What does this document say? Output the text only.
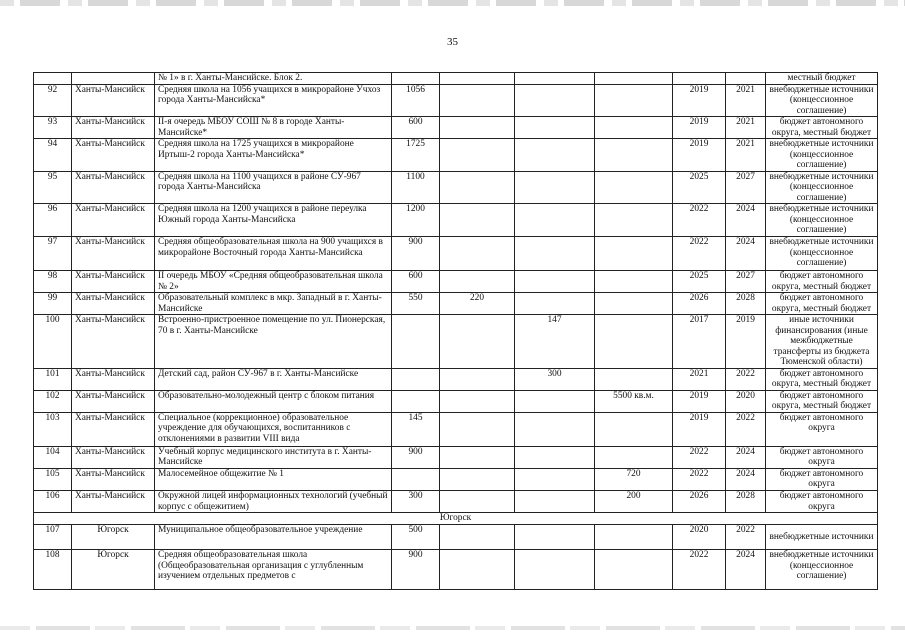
35
		№ 1» в г. Ханты-Мансийске. Блок 2.							местный бюджет
92	Ханты-Мансийск	Средняя школа на 1056 учащихся в микрорайоне Учхоз города Ханты-Мансийска*	1056				2019	2021	внебюджетные источники (концессионное соглашение)
93	Ханты-Мансийск	II-я очередь МБОУ СОШ № 8 в городе Ханты-Мансийске*	600				2019	2021	бюджет автономного округа, местный бюджет
94	Ханты-Мансийск	Средняя школа на 1725 учащихся в микрорайоне Иртыш-2 города Ханты-Мансийска*	1725				2019	2021	внебюджетные источники (концессионное соглашение)
95	Ханты-Мансийск	Средняя школа на 1100 учащихся в районе СУ-967 города Ханты-Мансийска	1100				2025	2027	внебюджетные источники (концессионное соглашение)
96	Ханты-Мансийск	Средняя школа на 1200 учащихся в районе переулка Южный города Ханты-Мансийска	1200				2022	2024	внебюджетные источники (концессионное соглашение)
97	Ханты-Мансийск	Средняя общеобразовательная школа на 900 учащихся в микрорайоне Восточный города Ханты-Мансийска	900				2022	2024	внебюджетные источники (концессионное соглашение)
98	Ханты-Мансийск	II очередь МБОУ «Средняя общеобразовательная школа № 2»	600				2025	2027	бюджет автономного округа, местный бюджет
99	Ханты-Мансийск	Образовательный комплекс в мкр. Западный в г. Ханты-Мансийске	550	220			2026	2028	бюджет автономного округа, местный бюджет
100	Ханты-Мансийск	Встроенно-пристроенное помещение по ул. Пионерская, 70 в г. Ханты-Мансийске			147		2017	2019	иные источники финансирования (иные межбюджетные трансферты из бюджета Тюменской области)
101	Ханты-Мансийск	Детский сад, район СУ-967 в г. Ханты-Мансийске			300		2021	2022	бюджет автономного округа, местный бюджет
102	Ханты-Мансийск	Образовательно-молодежный центр с блоком питания				5500 кв.м.	2019	2020	бюджет автономного округа, местный бюджет
103	Ханты-Мансийск	Специальное (коррекционное) образовательное учреждение для обучающихся, воспитанников с отклонениями в развитии VIII вида	145				2019	2022	бюджет автономного округа
104	Ханты-Мансийск	Учебный корпус медицинского института в г. Ханты-Мансийске	900				2022	2024	бюджет автономного округа
105	Ханты-Мансийск	Малосемейное общежитие № 1				720	2022	2024	бюджет автономного округа
106	Ханты-Мансийск	Окружной лицей информационных технологий (учебный корпус с общежитием)	300			200	2026	2028	бюджет автономного округа
Югорск									
107	Югорск	Муниципальное общеобразовательное учреждение	500				2020	2022	внебюджетные источники
108	Югорск	Средняя общеобразовательная школа (Общеобразовательная организация с углубленным изучением отдельных предметов с	900				2022	2024	внебюджетные источники (концессионное соглашение)
